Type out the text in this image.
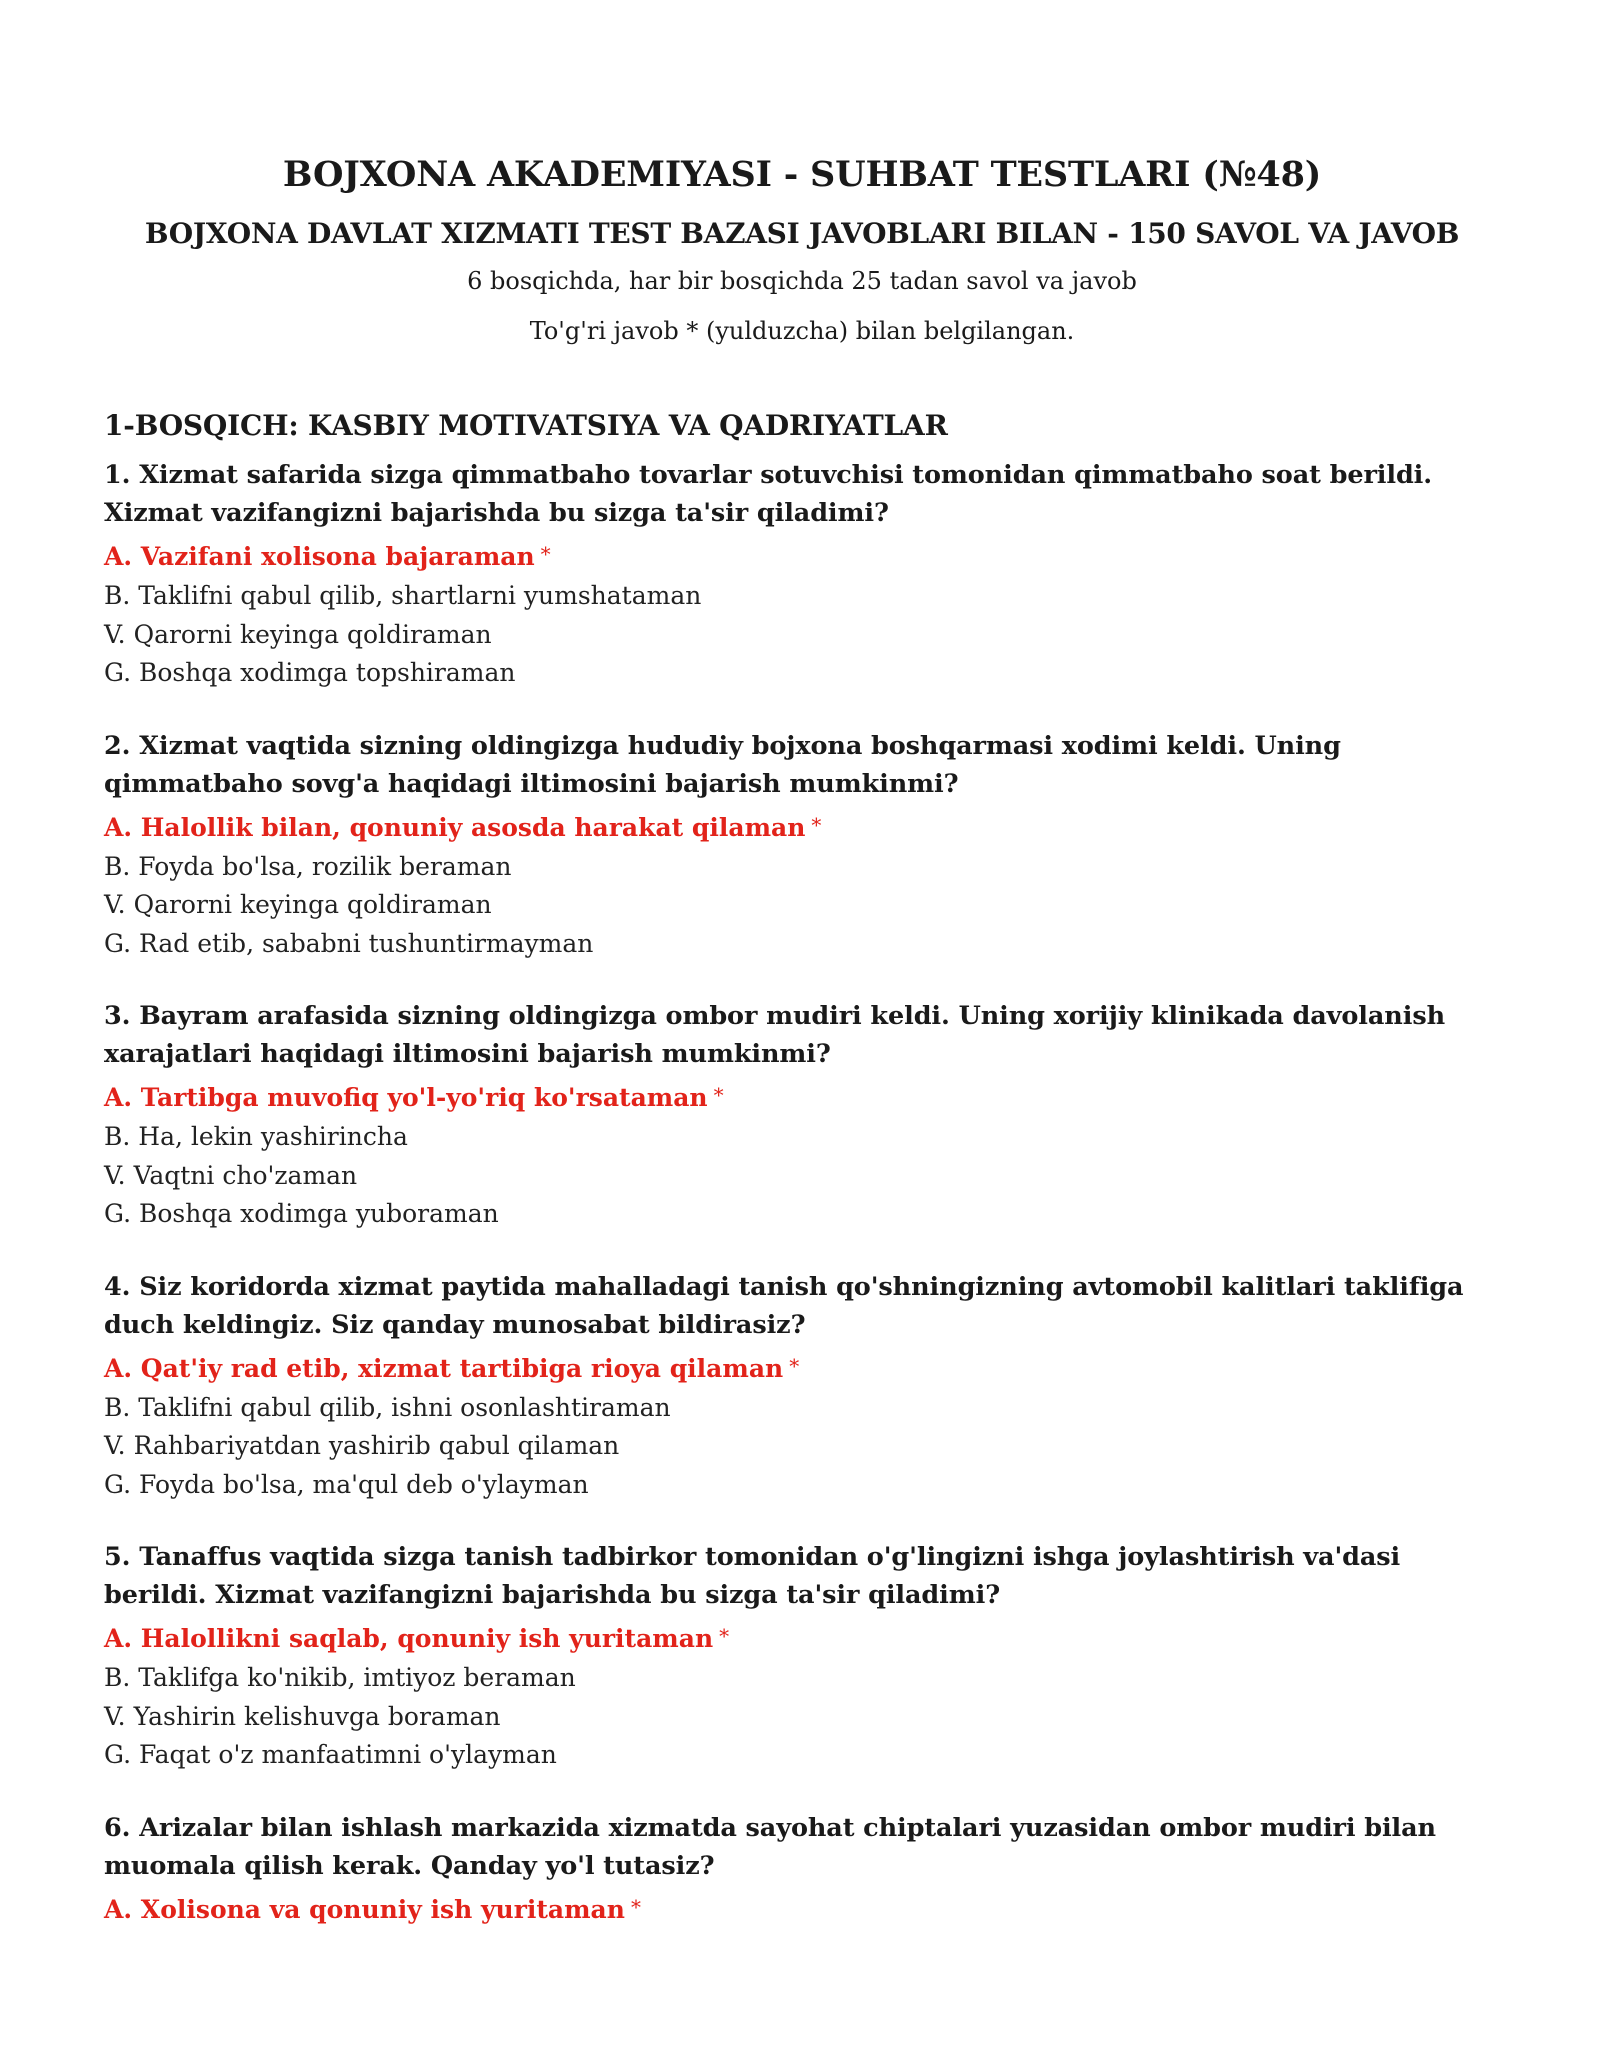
BOJXONA AKADEMIYASI - SUHBAT TESTLARI (№48)
BOJXONA DAVLAT XIZMATI TEST BAZASI JAVOBLARI BILAN - 150 SAVOL VA JAVOB

6 bosqichda, har bir bosqichda 25 tadan savol va javob

To'g'ri javob * (yulduzcha) bilan belgilangan.

1-BOSQICH: KASBIY MOTIVATSIYA VA QADRIYATLAR

1. Xizmat safarida sizga qimmatbaho tovarlar sotuvchisi tomonidan qimmatbaho soat berildi. Xizmat vazifangizni bajarishda bu sizga ta'sir qiladimi?

A. Vazifani xolisona bajaraman *

B. Taklifni qabul qilib, shartlarni yumshataman

V. Qarorni keyinga qoldiraman

G. Boshqa xodimga topshiraman

2. Xizmat vaqtida sizning oldingizga hududiy bojxona boshqarmasi xodimi keldi. Uning qimmatbaho sovg'a haqidagi iltimosini bajarish mumkinmi?

A. Halollik bilan, qonuniy asosda harakat qilaman *

B. Foyda bo'lsa, rozilik beraman

V. Qarorni keyinga qoldiraman

G. Rad etib, sababni tushuntirmayman

3. Bayram arafasida sizning oldingizga ombor mudiri keldi. Uning xorijiy klinikada davolanish xarajatlari haqidagi iltimosini bajarish mumkinmi?

A. Tartibga muvofiq yo'l-yo'riq ko'rsataman *

B. Ha, lekin yashirincha

V. Vaqtni cho'zaman

G. Boshqa xodimga yuboraman

4. Siz koridorda xizmat paytida mahalladagi tanish qo'shningizning avtomobil kalitlari taklifiga duch keldingiz. Siz qanday munosabat bildirasiz?

A. Qat'iy rad etib, xizmat tartibiga rioya qilaman *

B. Taklifni qabul qilib, ishni osonlashtiraman

V. Rahbariyatdan yashirib qabul qilaman

G. Foyda bo'lsa, ma'qul deb o'ylayman

5. Tanaffus vaqtida sizga tanish tadbirkor tomonidan o'g'lingizni ishga joylashtirish va'dasi berildi. Xizmat vazifangizni bajarishda bu sizga ta'sir qiladimi?

A. Halollikni saqlab, qonuniy ish yuritaman *

B. Taklifga ko'nikib, imtiyoz beraman

V. Yashirin kelishuvga boraman

G. Faqat o'z manfaatimni o'ylayman

6. Arizalar bilan ishlash markazida xizmatda sayohat chiptalari yuzasidan ombor mudiri bilan muomala qilish kerak. Qanday yo'l tutasiz?

A. Xolisona va qonuniy ish yuritaman *
